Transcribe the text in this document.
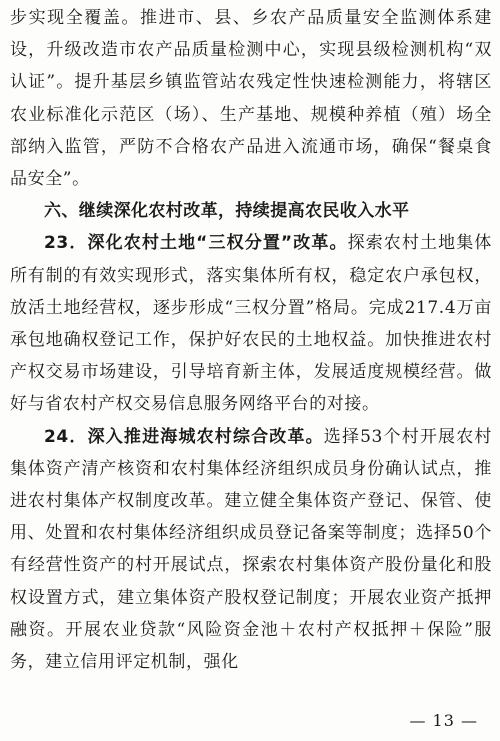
步实现全覆盖。推进市、县、乡农产品质量安全监测体系建设，升级改造市农产品质量检测中心，实现县级检测机构“双认证”。提升基层乡镇监管站农残定性快速检测能力，将辖区农业标准化示范区（场）、生产基地、规模种养植（殖）场全部纳入监管，严防不合格农产品进入流通市场，确保“餐桌食品安全”。

六、继续深化农村改革，持续提高农民收入水平

23．深化农村土地“三权分置”改革。探索农村土地集体所有制的有效实现形式，落实集体所有权，稳定农户承包权，放活土地经营权，逐步形成“三权分置”格局。完成217.4万亩承包地确权登记工作，保护好农民的土地权益。加快推进农村产权交易市场建设，引导培育新主体，发展适度规模经营。做好与省农村产权交易信息服务网络平台的对接。

24．深入推进海城农村综合改革。选择53个村开展农村集体资产清产核资和农村集体经济组织成员身份确认试点，推进农村集体产权制度改革。建立健全集体资产登记、保管、使用、处置和农村集体经济组织成员登记备案等制度；选择50个有经营性资产的村开展试点，探索农村集体资产股份量化和股权设置方式，建立集体资产股权登记制度；开展农业资产抵押融资。开展农业贷款“风险资金池＋农村产权抵押＋保险”服务，建立信用评定机制，强化

— 13 —
